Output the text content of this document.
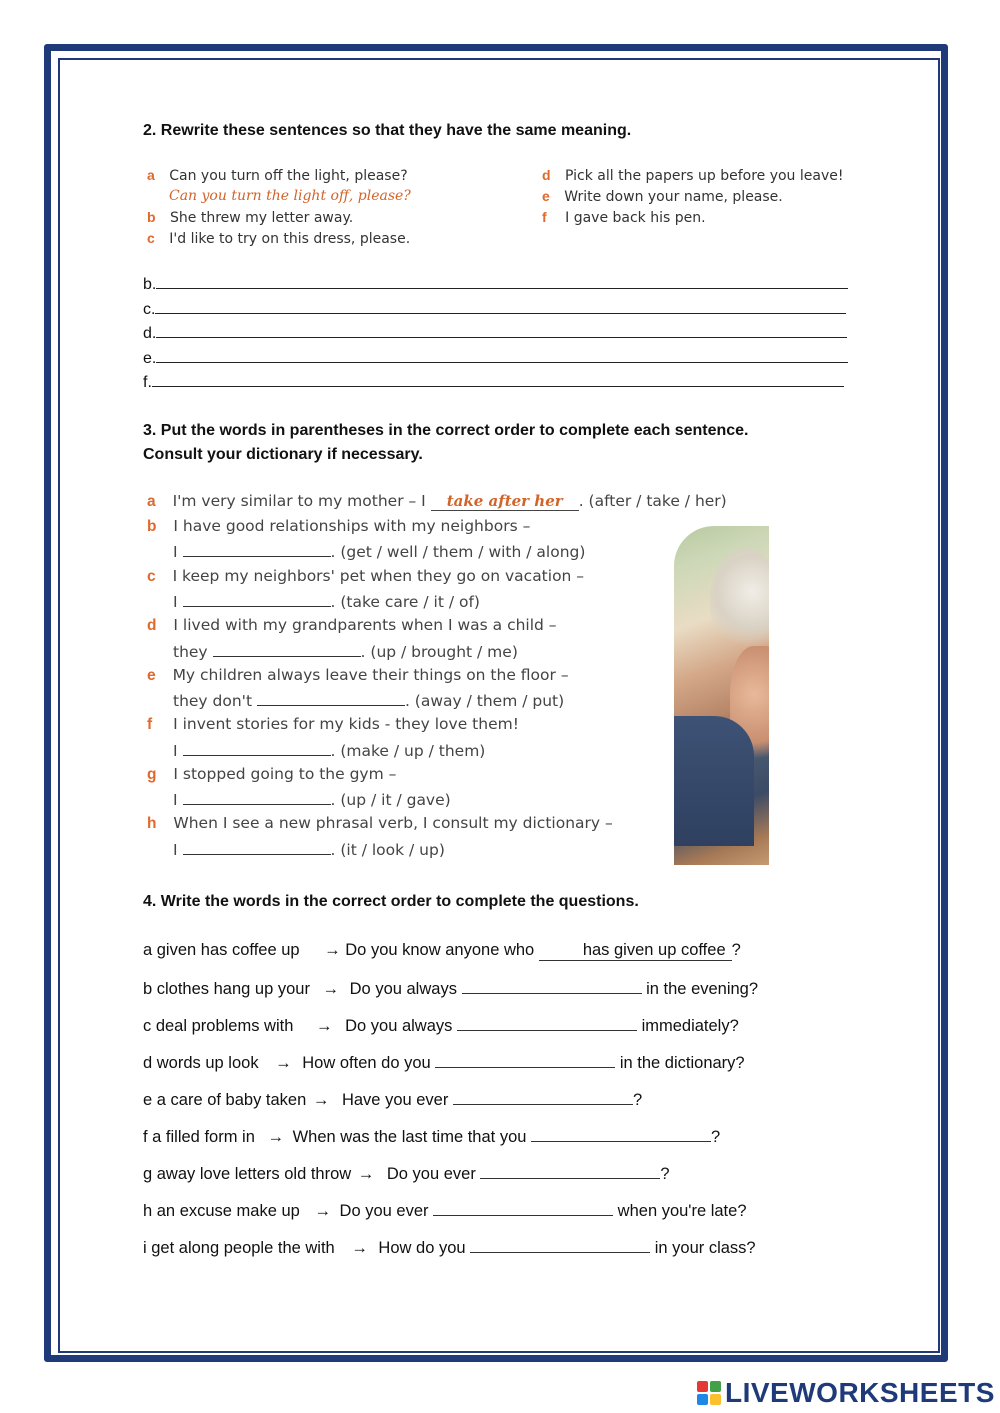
2. Rewrite these sentences so that they have the same meaning.
a Can you turn off the light, please?
Can you turn the light off, please?
b She threw my letter away.
c I'd like to try on this dress, please.
d Pick all the papers up before you leave!
e Write down your name, please.
f I gave back his pen.
b.
c.
d.
e.
f.
3. Put the words in parentheses in the correct order to complete each sentence.
Consult your dictionary if necessary.
a I'm very similar to my mother – I take after her . (after / take / her)
b I have good relationships with my neighbors –
I	. (get / well / them / with / along)
c I keep my neighbors' pet when they go on vacation –
I	. (take care / it / of)
d I lived with my grandparents when I was a child –
they	. (up / brought / me)
e My children always leave their things on the floor –
they don't	. (away / them / put)
f I invent stories for my kids - they love them!
I	. (make / up / them)
g I stopped going to the gym –
I	. (up / it / gave)
h When I see a new phrasal verb, I consult my dictionary –
I	. (it / look / up)
4. Write the words in the correct order to complete the questions.
a given has coffee up → Do you know anyone who	has given up coffee ?
b clothes hang up your → Do you always	in the evening?
c deal problems with → Do you always	immediately?
d words up look → How often do you	in the dictionary?
e a care of baby taken → Have you ever	?
f a filled form in → When was the last time that you	?
g away love letters old throw → Do you ever	?
h an excuse make up → Do you ever	when you're late?
i get along people the with → How do you	in your class?
LIVEWORKSHEETS
